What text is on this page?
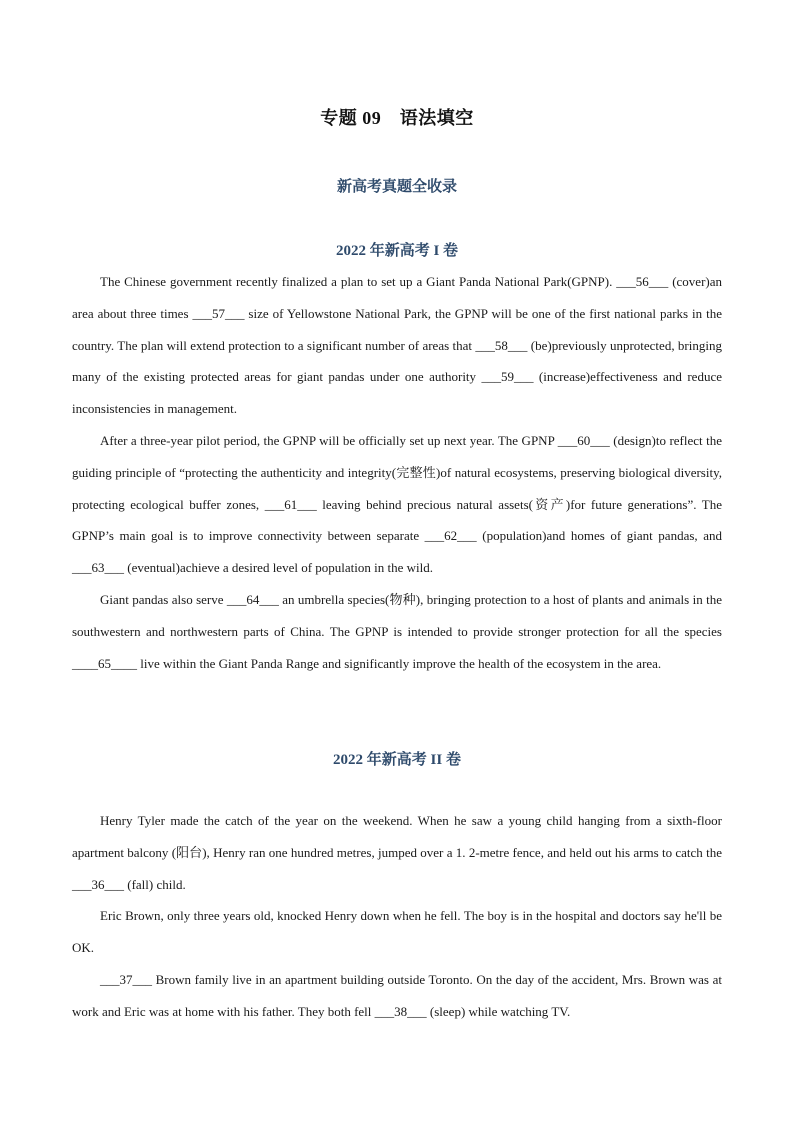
专题 09　语法填空
新高考真题全收录
2022 年新高考 I 卷

The Chinese government recently finalized a plan to set up a Giant Panda National Park(GPNP). ___56___ (cover)an area about three times ___57___ size of Yellowstone National Park, the GPNP will be one of the first national parks in the country. The plan will extend protection to a significant number of areas that ___58___ (be)previously unprotected, bringing many of the existing protected areas for giant pandas under one authority ___59___ (increase)effectiveness and reduce inconsistencies in management.

After a three-year pilot period, the GPNP will be officially set up next year. The GPNP ___60___ (design)to reflect the guiding principle of “protecting the authenticity and integrity(完整性)of natural ecosystems, preserving biological diversity, protecting ecological buffer zones, ___61___ leaving behind precious natural assets(资产)for future generations”. The GPNP’s main goal is to improve connectivity between separate ___62___ (population)and homes of giant pandas, and ___63___ (eventual)achieve a desired level of population in the wild.

Giant pandas also serve ___64___ an umbrella species(物种), bringing protection to a host of plants and animals in the southwestern and northwestern parts of China. The GPNP is intended to provide stronger protection for all the species ____65____ live within the Giant Panda Range and significantly improve the health of the ecosystem in the area.

2022 年新高考 II 卷

Henry Tyler made the catch of the year on the weekend. When he saw a young child hanging from a sixth-floor apartment balcony (阳台), Henry ran one hundred metres, jumped over a 1. 2-metre fence, and held out his arms to catch the ___36___ (fall) child.

Eric Brown, only three years old, knocked Henry down when he fell. The boy is in the hospital and doctors say he'll be OK.

___37___ Brown family live in an apartment building outside Toronto. On the day of the accident, Mrs. Brown was at work and Eric was at home with his father. They both fell ___38___ (sleep) while watching TV.
